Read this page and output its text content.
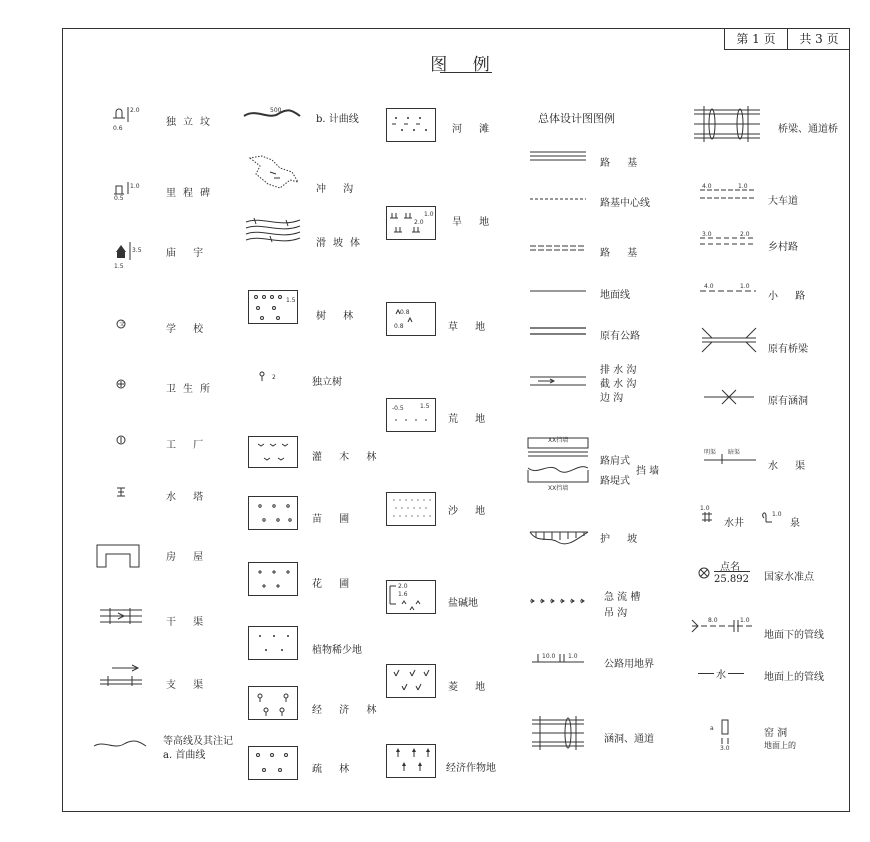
第 1 页	共 3 页
图 例
2.0
0.6
独立坟
1.0
0.5	里程碑
3.5
1.5
庙 宇
文	学 校
卫生所
工 厂
水 塔
房 屋
干 渠
支 渠
等高线及其注记
a. 首曲线
500
b. 计曲线
冲 沟
滑坡体
1.5
树 林
2	独立树
灌 木 林
苗 圃
花 圃
植物稀少地
经 济 林
疏 林
河 滩
1.0
2.0	旱 地
0.8
0.8	草 地
-0.5	1.5
荒 地
沙 地
2.0
1.6
盐碱地
菱 地
经济作物地
总体设计图图例
路 基
路基中心线
路 基
地面线
原有公路
排 水 沟
截 水 沟
边 沟
XX挡墙
XX挡墙
路肩式
路堤式
挡 墙
护 坡
急 流 槽
吊 沟
10.0 1.0
公路用地界
涵洞、通道
桥梁、通道桥
4.0	1.0
大车道
3.0	2.0
乡村路
4.0	1.0
小 路
原有桥梁
原有涵洞
明渠 暗渠
水 渠
1.0
水井
1.0
泉
点名
25.892 国家水准点
8.0	1.0
地面下的管线
水	地面上的管线
a
3.0
窑 洞
地面上的
